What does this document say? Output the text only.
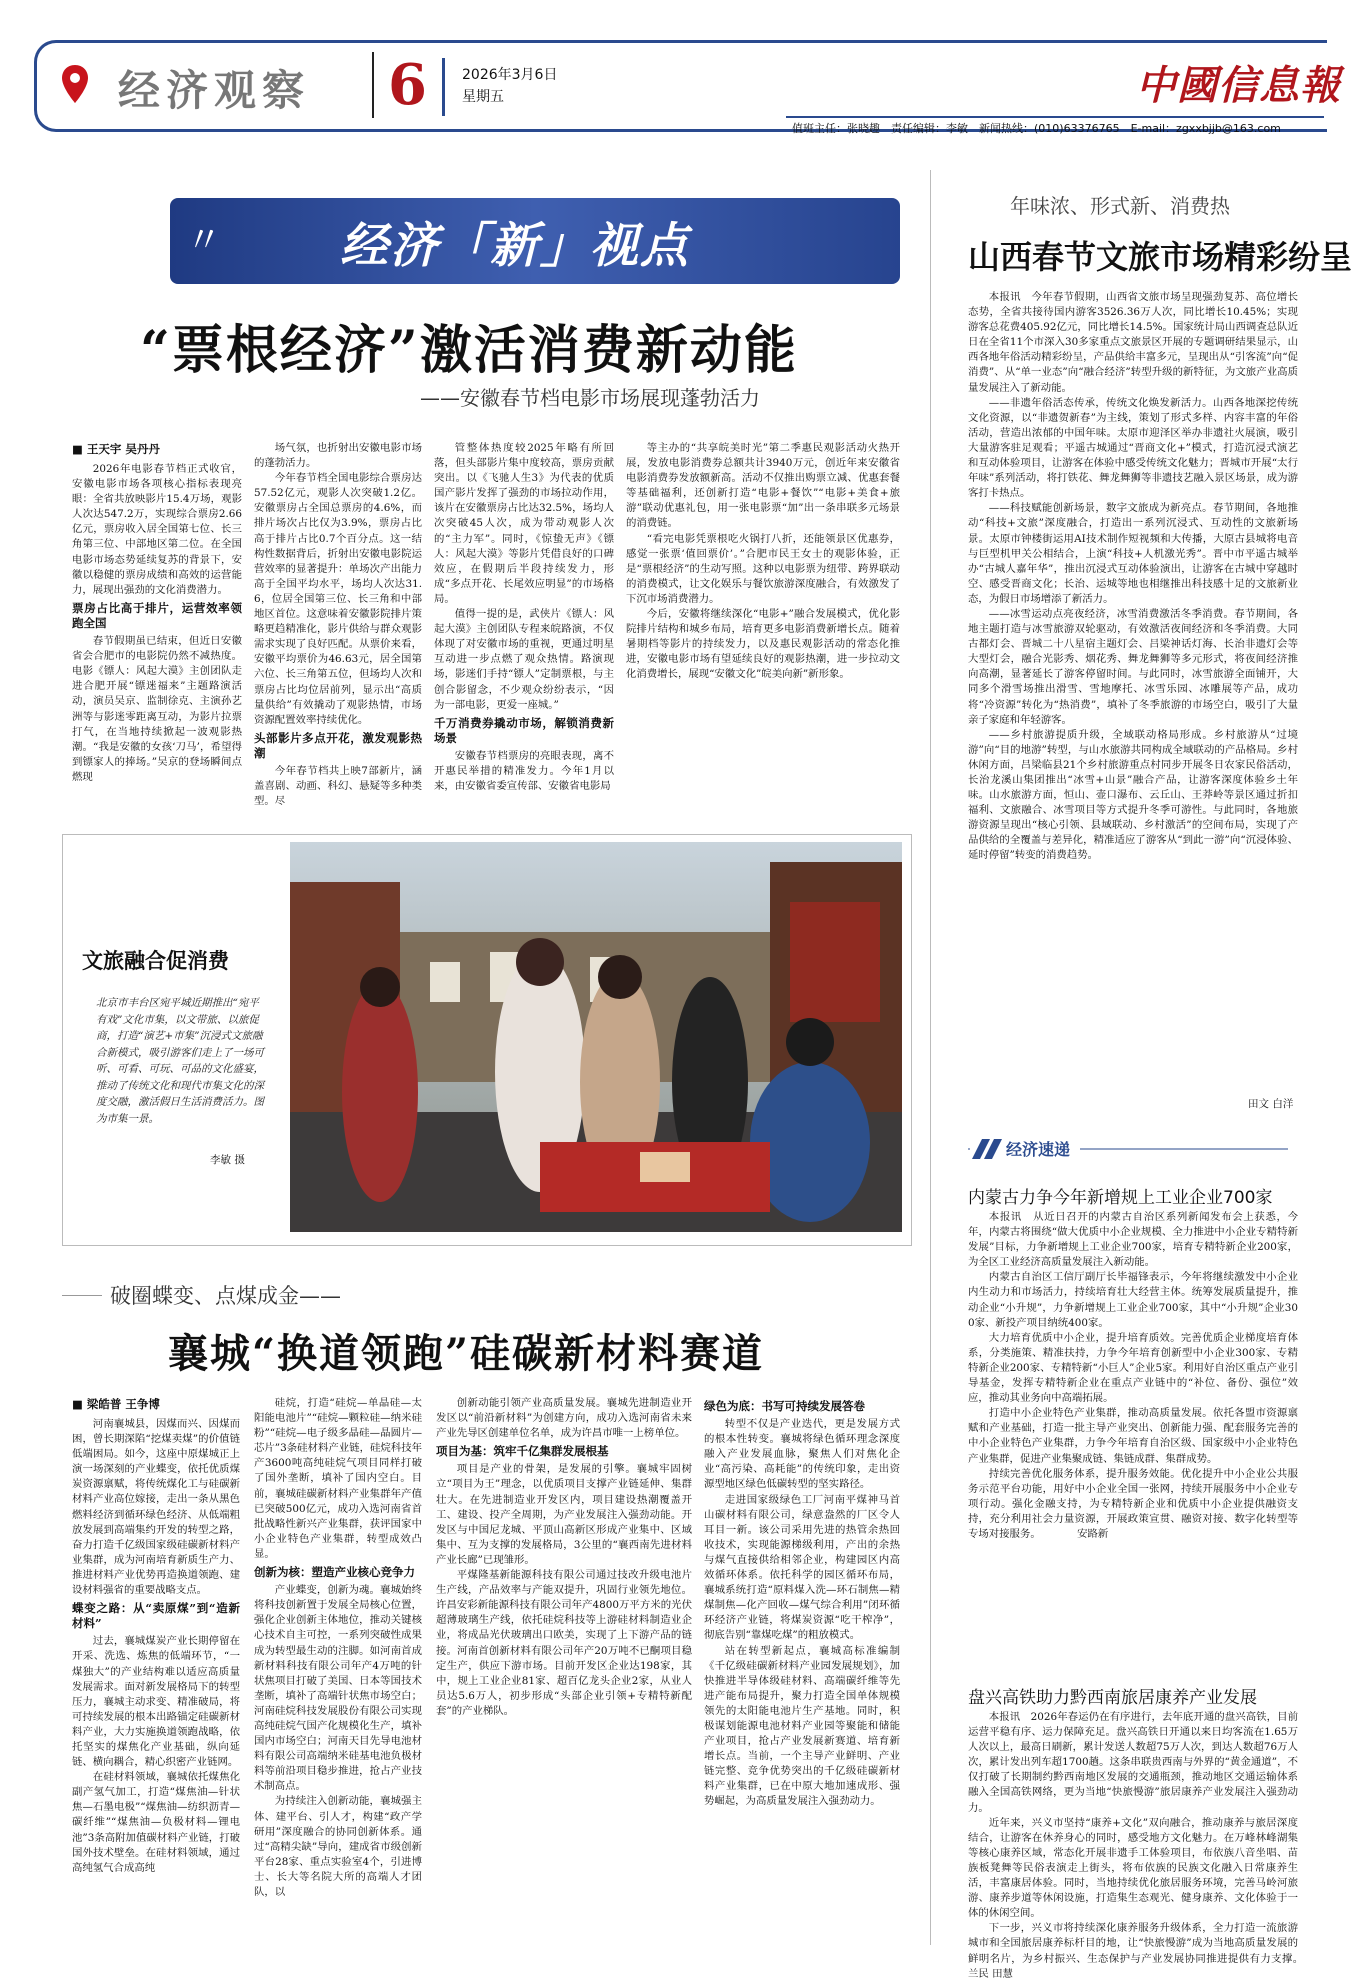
经济观察 6	2026年3月6日
星期五	中國信息報
值班主任：张晓趣　责任编辑：李敏　新闻热线：(010)63376765　E-mail：zgxxbjjb@163.com
〃 经济「新」视点
“票根经济”激活消费新动能
——安徽春节档电影市场展现蓬勃活力
■ 王天宇 吴丹丹

2026年电影春节档正式收官，安徽电影市场各项核心指标表现亮眼：全省共放映影片15.4万场，观影人次达547.2万，实现综合票房2.66亿元，票房收入居全国第七位、长三角第三位、中部地区第二位。在全国电影市场态势延续复苏的背景下，安徽以稳健的票房成绩和高效的运营能力，展现出强劲的文化消费潜力。

票房占比高于排片，运营效率领跑全国

春节假期虽已结束，但近日安徽省会合肥市的电影院仍然不减热度。电影《镖人：风起大漠》主创团队走进合肥开展“镖迷福来”主题路演活动，演员吴京、监制徐克、主演孙艺洲等与影迷零距离互动，为影片拉票打气，在当地持续掀起一波观影热潮。“我是安徽的女孩‘刀马’，希望得到镖家人的捧场。”吴京的登场瞬间点燃现

场气氛，也折射出安徽电影市场的蓬勃活力。

今年春节档全国电影综合票房达57.52亿元，观影人次突破1.2亿。安徽票房占全国总票房的4.6%，而排片场次占比仅为3.9%，票房占比高于排片占比0.7个百分点。这一结构性数据背后，折射出安徽电影院运营效率的显著提升：单场次产出能力高于全国平均水平，场均人次达31.6，位居全国第三位、长三角和中部地区首位。这意味着安徽影院排片策略更趋精准化，影片供给与群众观影需求实现了良好匹配。从票价来看，安徽平均票价为46.63元，居全国第六位、长三角第五位，但场均人次和票房占比均位居前列，显示出“高质量供给”有效撬动了观影热情，市场资源配置效率持续优化。

头部影片多点开花，激发观影热潮

今年春节档共上映7部新片，涵盖喜剧、动画、科幻、悬疑等多种类型。尽

管整体热度较2025年略有所回落，但头部影片集中度较高，票房贡献突出。以《飞驰人生3》为代表的优质国产影片发挥了强劲的市场拉动作用，该片在安徽票房占比达32.5%，场均人次突破45人次，成为带动观影人次的“主力军”。同时，《惊蛰无声》《镖人：风起大漠》等影片凭借良好的口碑效应，在假期后半段持续发力，形成“多点开花、长尾效应明显”的市场格局。

值得一提的是，武侠片《镖人：风起大漠》主创团队专程来皖路演，不仅体现了对安徽市场的重视，更通过明星互动进一步点燃了观众热情。路演现场，影迷们手持“镖人”定制票根，与主创合影留念，不少观众纷纷表示，“因为一部电影，更爱一座城。”

千万消费券撬动市场，解锁消费新场景

安徽春节档票房的亮眼表现，离不开惠民举措的精准发力。今年1月以来，由安徽省委宣传部、安徽省电影局

等主办的“共享皖美时光”第二季惠民观影活动火热开展，发放电影消费券总额共计3940万元，创近年来安徽省电影消费券发放额新高。活动不仅推出购票立减、优惠套餐等基础福利，还创新打造“电影+餐饮”“电影+美食+旅游”联动优惠礼包，用一张电影票“加”出一条串联多元场景的消费链。

“看完电影凭票根吃火锅打八折，还能领景区优惠券，感觉一张票‘值回票价’。”合肥市民王女士的观影体验，正是“票根经济”的生动写照。这种以电影票为纽带、跨界联动的消费模式，让文化娱乐与餐饮旅游深度融合，有效激发了下沉市场消费潜力。

今后，安徽将继续深化“电影+”融合发展模式，优化影院排片结构和城乡布局，培育更多电影消费新增长点。随着暑期档等影片的持续发力，以及惠民观影活动的常态化推进，安徽电影市场有望延续良好的观影热潮，进一步拉动文化消费增长，展现“安徽文化”皖美向新”新形象。

文旅融合促消费
北京市丰台区宛平城近期推出“宛平有戏”文化市集，以文带旅、以旅促商，打造“演艺+市集”沉浸式文旅融合新模式，吸引游客们走上了一场可听、可看、可玩、可品的文化盛宴，推动了传统文化和现代市集文化的深度交融，激活假日生活消费活力。图为市集一景。
李敏 摄
破圈蝶变、点煤成金——
襄城“换道领跑”硅碳新材料赛道
■ 梁皓普 王争博

河南襄城县，因煤而兴、因煤而困，曾长期深陷“挖煤卖煤”的价值链低端困局。如今，这座中原煤城正上演一场深刻的产业蝶变，依托优质煤炭资源禀赋，将传统煤化工与硅碳新材料产业高位嫁接，走出一条从黑色燃料经济到循环绿色经济、从低端粗放发展到高端集约开发的转型之路，奋力打造千亿级国家级硅碳新材料产业集群，成为河南培育新质生产力、推进材料产业优势再造换道领跑、建设材料强省的重要战略支点。

蝶变之路：从“卖原煤”到“造新材料”

过去，襄城煤炭产业长期停留在开采、洗选、炼焦的低端环节，“一煤独大”的产业结构难以适应高质量发展需求。面对新发展格局下的转型压力，襄城主动求变、精准破局，将可持续发展的根本出路锚定硅碳新材料产业，大力实施换道领跑战略，依托坚实的煤焦化产业基础，纵向延链、横向耦合，精心织密产业链网。

在硅材料领域，襄城依托煤焦化副产氢气加工，打造“煤焦油—针状焦—石墨电极”“煤焦油—纺织沥青—碳纤维”“煤焦油—负极材料—锂电池”3条高附加值碳材料产业链，打破国外技术壁垒。在硅材料领域，通过高纯氢气合成高纯

硅烷，打造“硅烷—单晶硅—太阳能电池片”“硅烷—颗粒硅—纳米硅粉”“硅烷—电子级多晶硅—晶圆片—芯片”3条硅材料产业链，硅烷科技年产3600吨高纯硅烷气项目同样打破了国外垄断，填补了国内空白。目前，襄城硅碳新材料产业集群年产值已突破500亿元，成功入选河南省首批战略性新兴产业集群，获评国家中小企业特色产业集群，转型成效凸显。

创新为核：塑造产业核心竞争力

产业蝶变，创新为魂。襄城始终将科技创新置于发展全局核心位置，强化企业创新主体地位，推动关键核心技术自主可控，一系列突破性成果成为转型最生动的注脚。如河南首成新材料科技有限公司年产4万吨的针状焦项目打破了美国、日本等国技术垄断，填补了高端针状焦市场空白；河南硅烷科技发展股份有限公司实现高纯硅烷气国产化规模化生产，填补国内市场空白；河南天目先导电池材料有限公司高端纳米硅基电池负极材料等前沿项目稳步推进，抢占产业技术制高点。

为持续注入创新动能，襄城强主体、建平台、引人才，构建“政产学研用”深度融合的协同创新体系。通过“高精尖缺”导向，建成省市级创新平台28家、重点实验室4个，引进博士、长大等名院大所的高端人才团队，以

创新动能引领产业高质量发展。襄城先进制造业开发区以“前沿新材料”为创建方向，成功入选河南省未来产业先导区创建单位名单，成为许昌市唯一上榜单位。

项目为基：筑牢千亿集群发展根基

项目是产业的骨架，是发展的引擎。襄城牢固树立“项目为王”理念，以优质项目支撑产业链延伸、集群壮大。在先进制造业开发区内，项目建设热潮覆盖开工、建设、投产全周期，为产业发展注入强劲动能。开发区与中国尼龙城、平顶山高新区形成产业集中、区域集中、互为支撑的发展格局，3公里的“襄西南先进材料产业长廊”已现雏形。

平煤隆基新能源科技有限公司通过技改升级电池片生产线，产品效率与产能双提升，巩固行业领先地位。许昌安彩新能源科技有限公司年产4800万平方米的光伏超薄玻璃生产线，依托硅烷科技等上游硅材料制造业企业，将成品光伏玻璃出口欧美，实现了上下游产品的链接。河南首创新材料有限公司年产20万吨不已酮项目稳定生产，供应下游市场。目前开发区企业达198家，其中，规上工业企业81家、超百亿龙头企业2家，从业人员达5.6万人，初步形成“头部企业引领+专精特新配套”的产业梯队。

绿色为底：书写可持续发展答卷

转型不仅是产业迭代，更是发展方式的根本性转变。襄城将绿色循环理念深度融入产业发展血脉，聚焦人们对焦化企业“高污染、高耗能”的传统印象，走出资源型地区绿色低碳转型的坚实路径。

走进国家级绿色工厂河南平煤神马首山碳材料有限公司，绿意盎然的厂区令人耳目一新。该公司采用先进的热管余热回收技术，实现能源梯级利用，产出的余热与煤气直接供给相邻企业，构建园区内高效循环体系。依托科学的园区循环布局，襄城系统打造“原料煤入洗—环石制焦—精煤制焦—化产回收—煤气综合利用”闭环循环经济产业链，将煤炭资源“吃干榨净”，彻底告别“靠煤吃煤”的粗放模式。

站在转型新起点，襄城高标准编制《千亿级硅碳新材料产业园发展规划》，加快推进半导体级硅材料、高端碳纤维等先进产能布局提升，聚力打造全国单体规模领先的太阳能电池片生产基地。同时，积极谋划能源电池材料产业园等聚能和储能产业项目，抢占产业发展新赛道、培育新增长点。当前，一个主导产业鲜明、产业链完整、竞争优势突出的千亿级硅碳新材料产业集群，已在中原大地加速成形、强势崛起，为高质量发展注入强劲动力。

年味浓、形式新、消费热
山西春节文旅市场精彩纷呈

本报讯　今年春节假期，山西省文旅市场呈现强劲复苏、高位增长态势，全省共接待国内游客3526.36万人次，同比增长10.45%；实现游客总花费405.92亿元，同比增长14.5%。国家统计局山西调查总队近日在全省11个市深入30多家重点文旅景区开展的专题调研结果显示，山西各地年俗活动精彩纷呈，产品供给丰富多元，呈现出从“引客流”向“促消费”、从“单一业态”向“融合经济”转型升级的新特征，为文旅产业高质量发展注入了新动能。

——非遗年俗活态传承，传统文化焕发新活力。山西各地深挖传统文化资源，以“非遗贺新春”为主线，策划了形式多样、内容丰富的年俗活动，营造出浓郁的中国年味。太原市迎泽区举办非遗社火展演，吸引大量游客驻足观看；平遥古城通过“晋商文化+”模式，打造沉浸式演艺和互动体验项目，让游客在体验中感受传统文化魅力；晋城市开展“太行年味”系列活动，将打铁花、舞龙舞狮等非遗技艺融入景区场景，成为游客打卡热点。

——科技赋能创新场景，数字文旅成为新亮点。春节期间，各地推动“科技+文旅”深度融合，打造出一系列沉浸式、互动性的文旅新场景。太原市钟楼街运用AI技术制作短视频和大传播，大原古县城将电音与巨型机甲关公相结合，上演“科技+人机激光秀”。晋中市平遥古城举办“古城人嘉年华”，推出沉浸式互动体验演出，让游客在古城中穿越时空、感受晋商文化；长治、运城等地也相继推出科技感十足的文旅新业态，为假日市场增添了新活力。

——冰雪运动点亮夜经济，冰雪消费激活冬季消费。春节期间，各地主题打造与冰雪旅游双轮驱动，有效激活夜间经济和冬季消费。大同古都灯会、晋城二十八星宿主题灯会、吕梁神话灯海、长治非遗灯会等大型灯会，融合光影秀、烟花秀、舞龙舞狮等多元形式，将夜间经济推向高潮，显著延长了游客停留时间。与此同时，冰雪旅游全面铺开，大同多个滑雪场推出滑雪、雪地摩托、冰雪乐园、冰雕展等产品，成功将“冷资源”转化为“热消费”，填补了冬季旅游的市场空白，吸引了大量亲子家庭和年轻游客。

——乡村旅游提质升级，全域联动格局形成。乡村旅游从“过境游”向“目的地游”转型，与山水旅游共同构成全域联动的产品格局。乡村休闲方面，吕梁临县21个乡村旅游重点村同步开展冬日农家民俗活动，长治龙溪山集团推出“冰雪+山景”融合产品，让游客深度体验乡土年味。山水旅游方面，恒山、壶口瀑布、云丘山、王莽岭等景区通过折扣福利、文旅融合、冰雪项目等方式提升冬季可游性。与此同时，各地旅游资源呈现出“核心引领、县域联动、乡村激活”的空间布局，实现了产品供给的全覆盖与差异化，精准适应了游客从“到此一游”向“沉浸体验、延时停留”转变的消费趋势。

田文 白洋
经济速递
内蒙古力争今年新增规上工业企业700家

本报讯　从近日召开的内蒙古自治区系列新闻发布会上获悉，今年，内蒙古将围绕“做大优质中小企业规模、全力推进中小企业专精特新发展”目标，力争新增规上工业企业700家，培育专精特新企业200家，为全区工业经济高质量发展注入新动能。

内蒙古自治区工信厅副厅长毕福锋表示，今年将继续激发中小企业内生动力和市场活力，持续培育壮大经营主体。统筹发展质量提升，推动企业“小升规”，力争新增规上工业企业700家，其中“小升规”企业300家、新投产项目纳统400家。

大力培育优质中小企业，提升培育质效。完善优质企业梯度培育体系，分类施策、精准扶持，力争今年培育创新型中小企业300家、专精特新企业200家、专精特新“小巨人”企业5家。利用好自治区重点产业引导基金，发挥专精特新企业在重点产业链中的“补位、备份、强位”效应，推动其业务向中高端拓展。

打造中小企业特色产业集群，推动高质量发展。依托各盟市资源禀赋和产业基础，打造一批主导产业突出、创新能力强、配套服务完善的中小企业特色产业集群，力争今年培育自治区级、国家级中小企业特色产业集群，促进产业集聚成链、集链成群、集群成势。

持续完善优化服务体系，提升服务效能。优化提升中小企业公共服务示范平台功能，用好中小企业全国一张网，持续开展服务中小企业专项行动。强化金融支持，为专精特新企业和优质中小企业提供融资支持，充分利用社会力量资源，开展政策宣贯、融资对接、数字化转型等专场对接服务。　　　　安路新

盘兴高铁助力黔西南旅居康养产业发展

本报讯　2026年春运仍在有序进行，去年底开通的盘兴高铁，目前运营平稳有序、运力保障充足。盘兴高铁日开通以来日均客流在1.65万人次以上，最高日刷新，累计发送人数超75万人次，到达人数超76万人次，累计发出列车超1700趟。这条串联贵西南与外界的“黄金通道”，不仅打破了长期制约黔西南地区发展的交通瓶颈，推动地区交通运输体系融入全国高铁网络，更为当地“快旅慢游”旅居康养产业发展注入强劲动力。

近年来，兴义市坚持“康养+文化”双向融合，推动康养与旅居深度结合，让游客在休养身心的同时，感受地方文化魅力。在万峰林峰湖集等核心康养区域，常态化开展非遗手工体验项目，布依族八音坐唱、苗族板凳舞等民俗表演走上街头，将布依族的民族文化融入日常康养生活，丰富康居体验。同时，当地持续优化旅居服务环境，完善马岭河旅游、康养步道等休闲设施，打造集生态观光、健身康养、文化体验于一体的休闲空间。

下一步，兴义市将持续深化康养服务升级体系，全力打造一流旅游城市和全国旅居康养标杆目的地，让“快旅慢游”成为当地高质量发展的鲜明名片，为乡村振兴、生态保护与产业发展协同推进提供有力支撑。　　　　兰民 田慧
